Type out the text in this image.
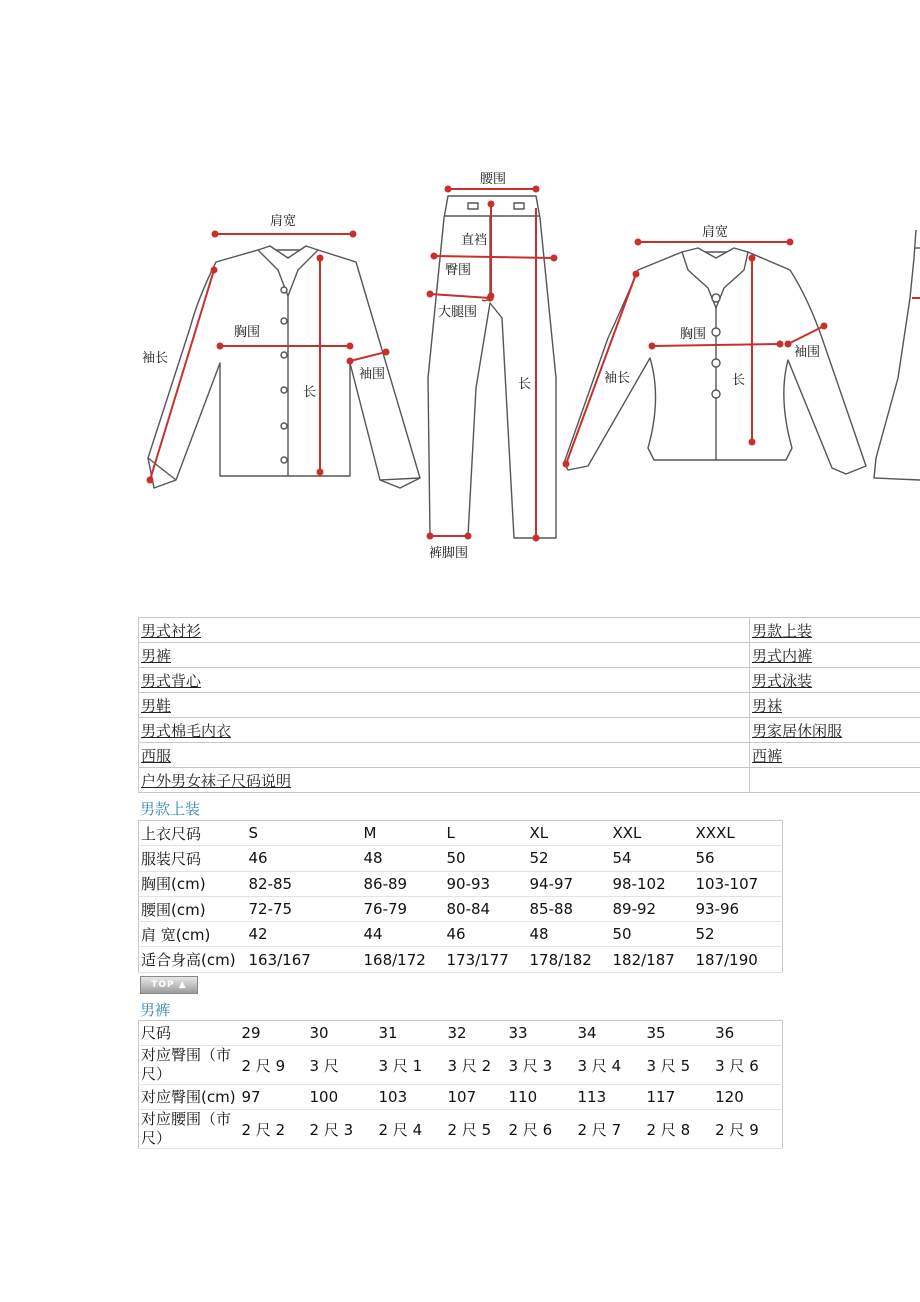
肩宽
胸围
袖长
长
袖围
腰围
直裆
臀围
大腿围
长
裤脚围
肩宽
胸围
袖长	长
袖围
男式衬衫	男款上装
男裤	男式内裤
男式背心	男式泳装
男鞋	男袜
男式棉毛内衣	男家居休闲服
西服	西裤
户外男女袜子尺码说明	
男款上装
上衣尺码	S	M	L	XL	XXL	XXXL
服装尺码	46	48	50	52	54	56
胸围(cm)	82-85	86-89	90-93	94-97	98-102	103-107
腰围(cm)	72-75	76-79	80-84	85-88	89-92	93-96
肩 宽(cm)	42	44	46	48	50	52
适合身高(cm)	163/167	168/172	173/177	178/182	182/187	187/190
TOP ▲
男裤
尺码	29	30	31	32	33	34	35	36
对应臀围（市尺）	2 尺 9	3 尺	3 尺 1	3 尺 2	3 尺 3	3 尺 4	3 尺 5	3 尺 6
对应臀围(cm)	97	100	103	107	110	113	117	120
对应腰围（市尺）	2 尺 2	2 尺 3	2 尺 4	2 尺 5	2 尺 6	2 尺 7	2 尺 8	2 尺 9
